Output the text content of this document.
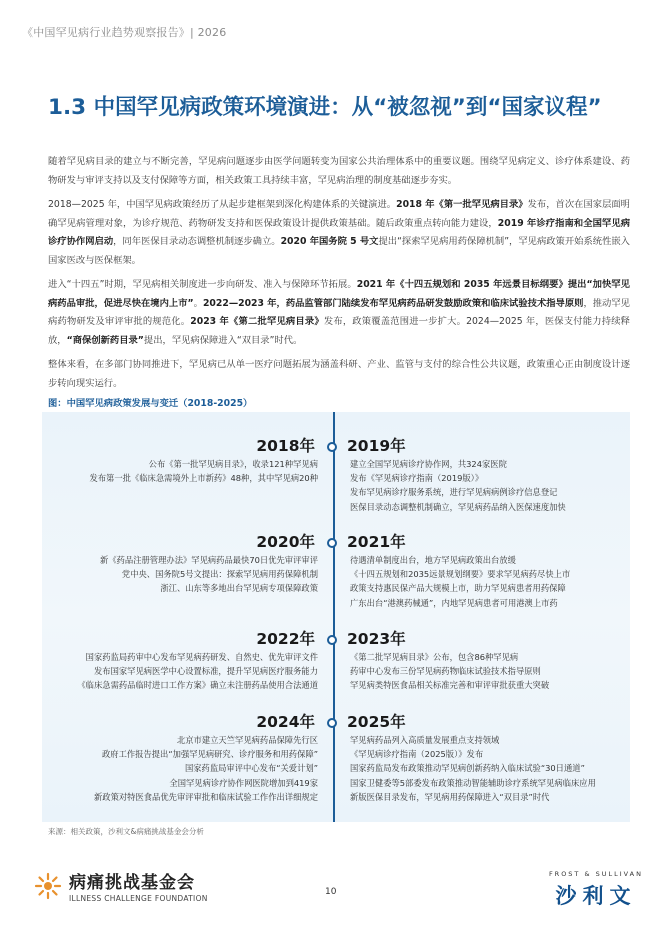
《中国罕见病行业趋势观察报告》| 2026
1.3 中国罕见病政策环境演进：从“被忽视”到“国家议程”

随着罕见病目录的建立与不断完善，罕见病问题逐步由医学问题转变为国家公共治理体系中的重要议题。围绕罕见病定义、诊疗体系建设、药物研发与审评支持以及支付保障等方面，相关政策工具持续丰富，罕见病治理的制度基础逐步夯实。

2018—2025 年，中国罕见病政策经历了从起步建框架到深化构建体系的关键演进。2018 年《第一批罕见病目录》发布，首次在国家层面明确罕见病管理对象，为诊疗规范、药物研发支持和医保政策设计提供政策基础。随后政策重点转向能力建设，2019 年诊疗指南和全国罕见病诊疗协作网启动，同年医保目录动态调整机制逐步确立。2020 年国务院 5 号文提出“探索罕见病用药保障机制”，罕见病政策开始系统性嵌入国家医改与医保框架。

进入“十四五”时期，罕见病相关制度进一步向研发、准入与保障环节拓展。2021 年《十四五规划和 2035 年远景目标纲要》提出“加快罕见病药品审批，促进尽快在境内上市”。2022—2023 年，药品监管部门陆续发布罕见病药品研发鼓励政策和临床试验技术指导原则，推动罕见病药物研发及审评审批的规范化。2023 年《第二批罕见病目录》发布，政策覆盖范围进一步扩大。2024—2025 年，医保支付能力持续释放，“商保创新药目录”提出，罕见病保障进入“双目录”时代。

整体来看，在多部门协同推进下，罕见病已从单一医疗问题拓展为涵盖科研、产业、监管与支付的综合性公共议题，政策重心正由制度设计逐步转向现实运行。

图：中国罕见病政策发展与变迁（2018-2025）
2018年
公布《第一批罕见病目录》，收录121种罕见病
发布第一批《临床急需境外上市新药》48种，其中罕见病20种
2019年
建立全国罕见病诊疗协作网，共324家医院
发布《罕见病诊疗指南（2019版）》
发布罕见病诊疗服务系统，进行罕见病病例诊疗信息登记
医保目录动态调整机制确立，罕见病药品纳入医保速度加快
2020年
新《药品注册管理办法》罕见病药品最快70日优先审评审评
党中央、国务院5号文提出：探索罕见病用药保障机制
浙江、山东等多地出台罕见病专项保障政策
2021年
待遇清单制度出台，地方罕见病政策出台放缓
《十四五规划和2035远景规划纲要》要求罕见病药尽快上市
政策支持惠民保产品大规模上市，助力罕见病患者用药保障
广东出台“港澳药械通”，内地罕见病患者可用港澳上市药
2022年
国家药监局药审中心发布罕见病药研发、自然史、优先审评文件
发布国家罕见病医学中心设置标准，提升罕见病医疗服务能力
《临床急需药品临时进口工作方案》确立未注册药品使用合法通道
2023年
《第二批罕见病目录》公布，包含86种罕见病
药审中心发布三份罕见病药物临床试验技术指导原则
罕见病类特医食品相关标准完善和审评审批获重大突破
2024年
北京市建立天竺罕见病药品保障先行区
政府工作报告提出“加强罕见病研究、诊疗服务和用药保障”
国家药监局审评中心发布“关爱计划”
全国罕见病诊疗协作网医院增加到419家
新政策对特医食品优先审评审批和临床试验工作作出详细规定
2025年
罕见病药品列入高质量发展重点支持领域
《罕见病诊疗指南（2025版）》发布
国家药监局发布政策推动罕见病创新药纳入临床试验“30日通道”
国家卫健委等5部委发布政策推动智能辅助诊疗系统罕见病临床应用
新版医保目录发布，罕见病用药保障进入“双目录”时代
来源：相关政策，沙利文&病痛挑战基金会分析
病痛挑战基金会
ILLNESS CHALLENGE FOUNDATION
10
FROST & SULLIVAN
沙利文
